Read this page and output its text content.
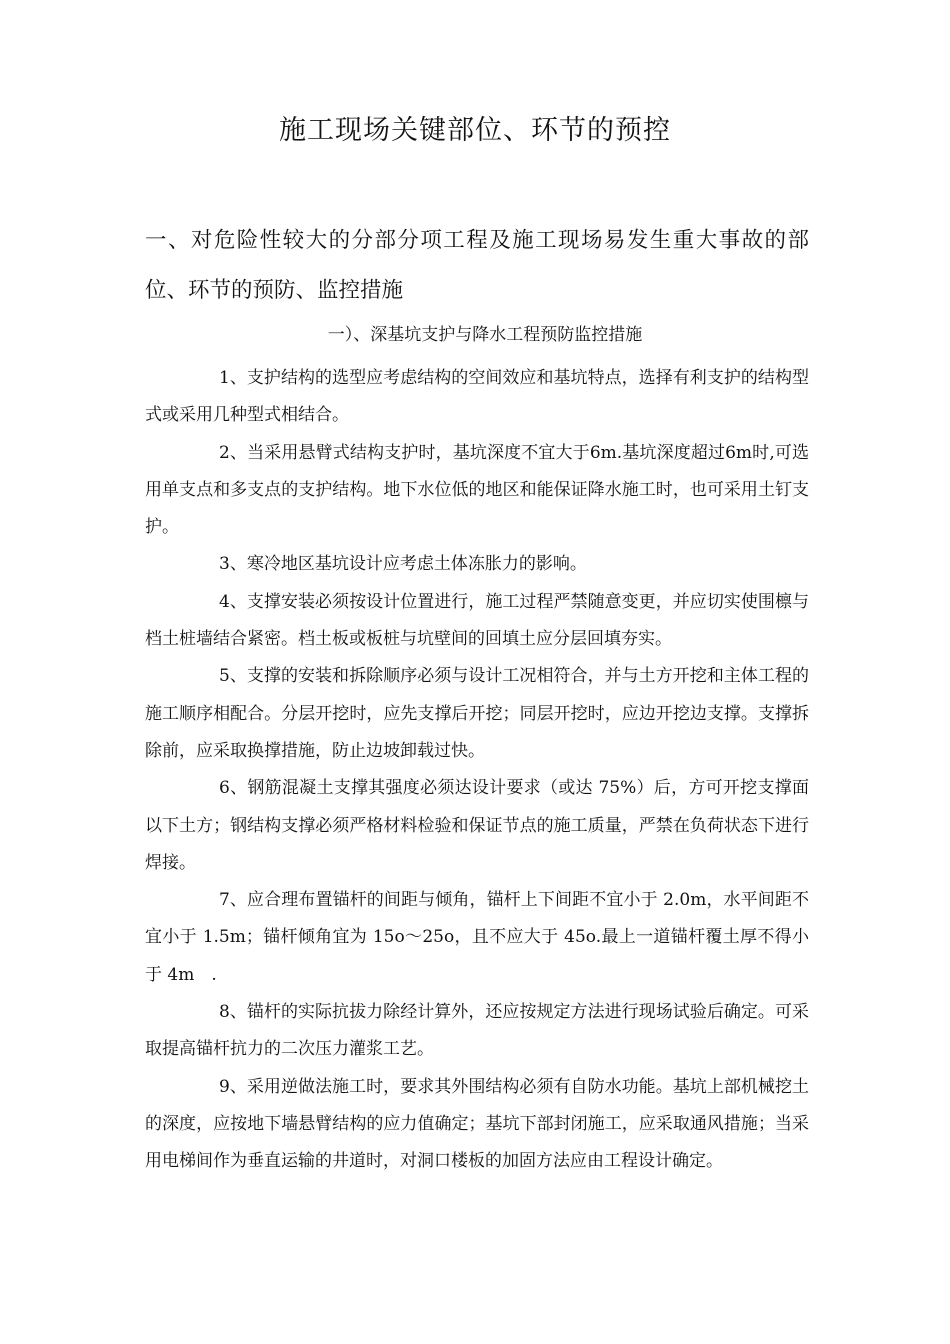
施工现场关键部位、环节的预控
一、对危险性较大的分部分项工程及施工现场易发生重大事故的部位、环节的预防、监控措施
一）、深基坑支护与降水工程预防监控措施

1、支护结构的选型应考虑结构的空间效应和基坑特点，选择有利支护的结构型式或采用几种型式相结合。

2、当采用悬臂式结构支护时，基坑深度不宜大于6m.基坑深度超过6m时,可选用单支点和多支点的支护结构。地下水位低的地区和能保证降水施工时，也可采用土钉支护。

3、寒冷地区基坑设计应考虑土体冻胀力的影响。

4、支撑安装必须按设计位置进行，施工过程严禁随意变更，并应切实使围檩与档土桩墙结合紧密。档土板或板桩与坑壁间的回填土应分层回填夯实。

5、支撑的安装和拆除顺序必须与设计工况相符合，并与土方开挖和主体工程的施工顺序相配合。分层开挖时，应先支撑后开挖；同层开挖时，应边开挖边支撑。支撑拆除前，应采取换撑措施，防止边坡卸载过快。

6、钢筋混凝土支撑其强度必须达设计要求（或达 75%）后，方可开挖支撑面以下土方；钢结构支撑必须严格材料检验和保证节点的施工质量，严禁在负荷状态下进行焊接。

7、应合理布置锚杆的间距与倾角，锚杆上下间距不宜小于 2.0m，水平间距不宜小于 1.5m；锚杆倾角宜为 15o～25o，且不应大于 45o.最上一道锚杆覆土厚不得小于 4m　.

8、锚杆的实际抗拔力除经计算外，还应按规定方法进行现场试验后确定。可采取提高锚杆抗力的二次压力灌浆工艺。

9、采用逆做法施工时，要求其外围结构必须有自防水功能。基坑上部机械挖土的深度，应按地下墙悬臂结构的应力值确定；基坑下部封闭施工，应采取通风措施；当采用电梯间作为垂直运输的井道时，对洞口楼板的加固方法应由工程设计确定。
